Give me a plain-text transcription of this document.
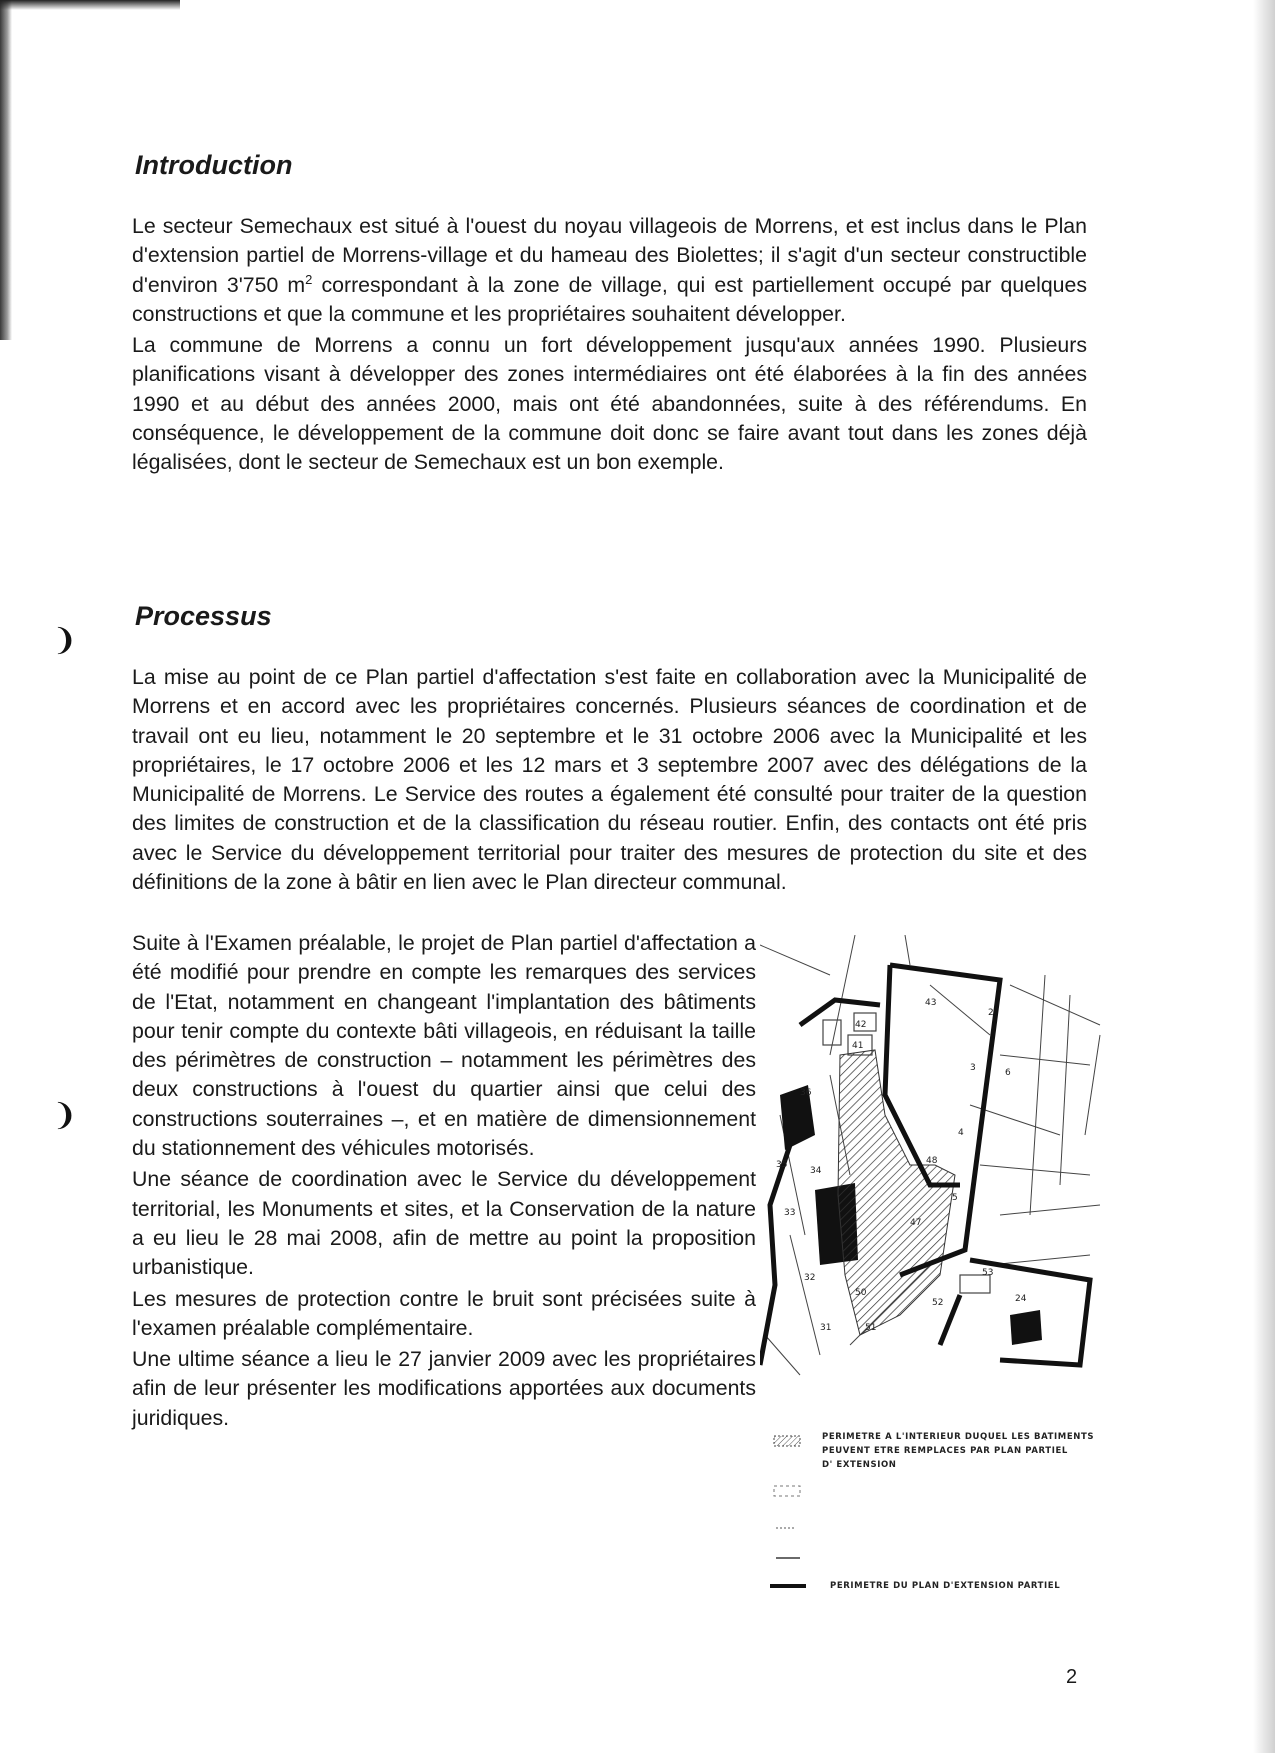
❩
❩
Introduction

Le secteur Semechaux est situé à l'ouest du noyau villageois de Morrens, et est inclus dans le Plan d'extension partiel de Morrens-village et du hameau des Biolettes; il s'agit d'un secteur constructible d'environ 3'750 $m^2$ correspondant à la zone de village, qui est partiellement occupé par quelques constructions et que la commune et les propriétaires souhaitent développer.

La commune de Morrens a connu un fort développement jusqu'aux années 1990. Plusieurs planifications visant à développer des zones intermédiaires ont été élaborées à la fin des années 1990 et au début des années 2000, mais ont été abandonnées, suite à des référendums. En conséquence, le développement de la commune doit donc se faire avant tout dans les zones déjà légalisées, dont le secteur de Semechaux est un bon exemple.

Processus

La mise au point de ce Plan partiel d'affectation s'est faite en collaboration avec la Municipalité de Morrens et en accord avec les propriétaires concernés. Plusieurs séances de coordination et de travail ont eu lieu, notamment le 20 septembre et le 31 octobre 2006 avec la Municipalité et les propriétaires, le 17 octobre 2006 et les 12 mars et 3 septembre 2007 avec des délégations de la Municipalité de Morrens. Le Service des routes a également été consulté pour traiter de la question des limites de construction et de la classification du réseau routier. Enfin, des contacts ont été pris avec le Service du développement territorial pour traiter des mesures de protection du site et des définitions de la zone à bâtir en lien avec le Plan directeur communal.

Suite à l'Examen préalable, le projet de Plan partiel d'affectation a été modifié pour prendre en compte les remarques des services de l'Etat, notamment en changeant l'implantation des bâtiments pour tenir compte du contexte bâti villageois, en réduisant la taille des périmètres de construction – notamment les périmètres des deux constructions à l'ouest du quartier ainsi que celui des constructions souterraines –, et en matière de dimensionnement du stationnement des véhicules motorisés.

Une séance de coordination avec le Service du développement territorial, les Monuments et sites, et la Conservation de la nature a eu lieu le 28 mai 2008, afin de mettre au point la proposition urbanistique.

Les mesures de protection contre le bruit sont précisées suite à l'examen préalable complémentaire.

Une ultime séance a lieu le 27 janvier 2009 avec les propriétaires afin de leur présenter les modifications apportées aux documents juridiques.

43
2
42
41
6
3
36
48
4
35
34
33
5
32	53
24
52
31	51
50
47
PERIMETRE A L'INTERIEUR DUQUEL LES BATIMENTS
PEUVENT ETRE REMPLACES PAR PLAN PARTIEL
D' EXTENSION
PERIMETRE DU PLAN D'EXTENSION PARTIEL
2
